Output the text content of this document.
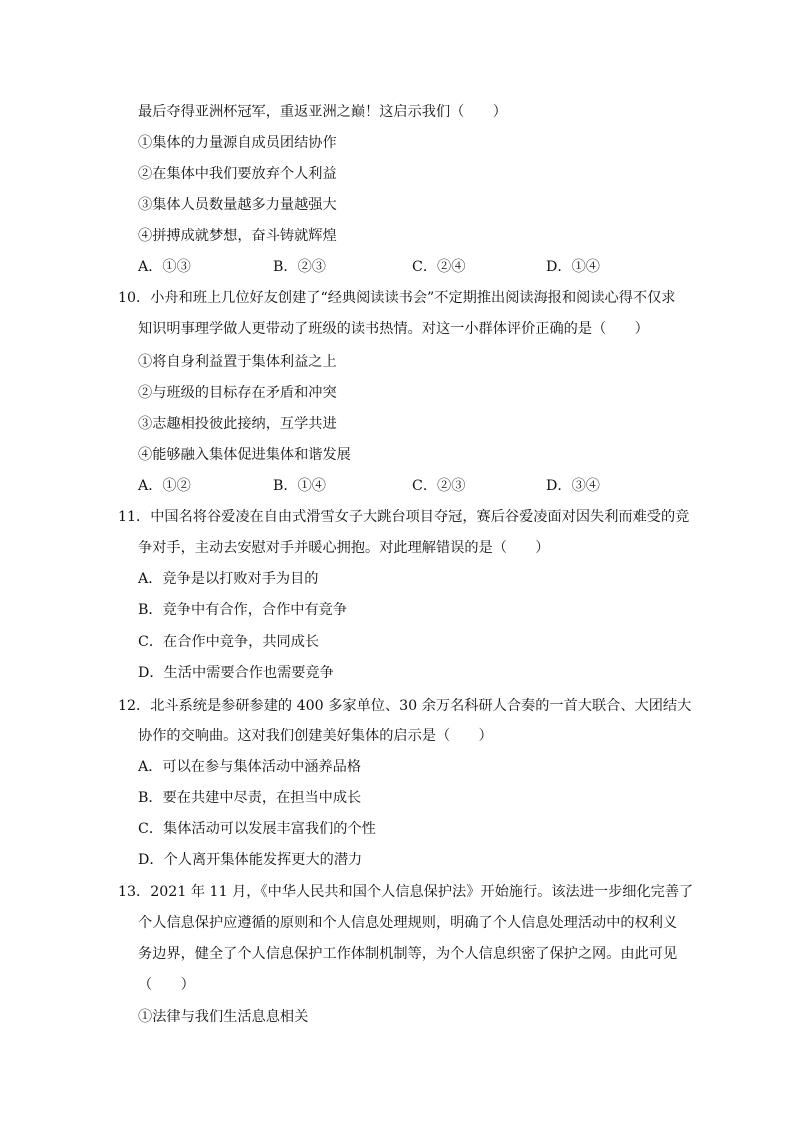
最后夺得亚洲杯冠军，重返亚洲之巅！这启示我们（　　）
①集体的力量源自成员团结协作
②在集体中我们要放弃个人利益
③集体人员数量越多力量越强大
④拼搏成就梦想，奋斗铸就辉煌
A．①③	B．②③	C．②④	D．①④
10．小舟和班上几位好友创建了“经典阅读读书会”不定期推出阅读海报和阅读心得不仅求
知识明事理学做人更带动了班级的读书热情。对这一小群体评价正确的是（　　）
①将自身利益置于集体利益之上
②与班级的目标存在矛盾和冲突
③志趣相投彼此接纳，互学共进
④能够融入集体促进集体和谐发展
A．①②	B．①④	C．②③	D．③④
11．中国名将谷爱凌在自由式滑雪女子大跳台项目夺冠，赛后谷爱凌面对因失利而难受的竞
争对手，主动去安慰对手并暖心拥抱。对此理解错误的是（　　）
A．竞争是以打败对手为目的
B．竞争中有合作，合作中有竞争
C．在合作中竞争，共同成长
D．生活中需要合作也需要竞争
12．北斗系统是参研参建的 400 多家单位、30 余万名科研人合奏的一首大联合、大团结大
协作的交响曲。这对我们创建美好集体的启示是（　　）
A．可以在参与集体活动中涵养品格
B．要在共建中尽责，在担当中成长
C．集体活动可以发展丰富我们的个性
D．个人离开集体能发挥更大的潜力
13．2021 年 11 月，《中华人民共和国个人信息保护法》开始施行。该法进一步细化完善了
个人信息保护应遵循的原则和个人信息处理规则，明确了个人信息处理活动中的权利义
务边界，健全了个人信息保护工作体制机制等，为个人信息织密了保护之网。由此可见
（　　）
①法律与我们生活息息相关
